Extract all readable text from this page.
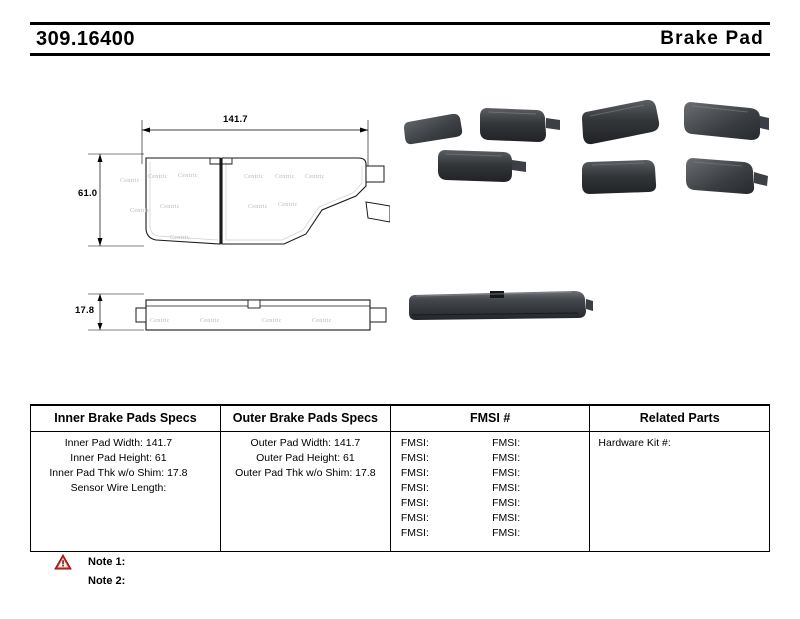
309.16400	Brake Pad
141.7
61.0
17.8
Centric
Centric Centric	Centric Centric Centric
Centric
Centric	Centric Centric
Centric
Centric	Centric	Centric	Centric
Inner Brake Pads Specs	Outer Brake Pads Specs	FMSI #	Related Parts

Inner Pad Width: 141.7
Inner Pad Height: 61
Inner Pad Thk w/o Shim: 17.8
Sensor Wire Length:

Outer Pad Width: 141.7
Outer Pad Height: 61
Outer Pad Thk w/o Shim: 17.8

FMSI:	FMSI:
FMSI:	FMSI:
FMSI:	FMSI:
FMSI:	FMSI:
FMSI:	FMSI:
FMSI:	FMSI:
FMSI:	FMSI:

Hardware Kit #:
Note 1:
Note 2:
